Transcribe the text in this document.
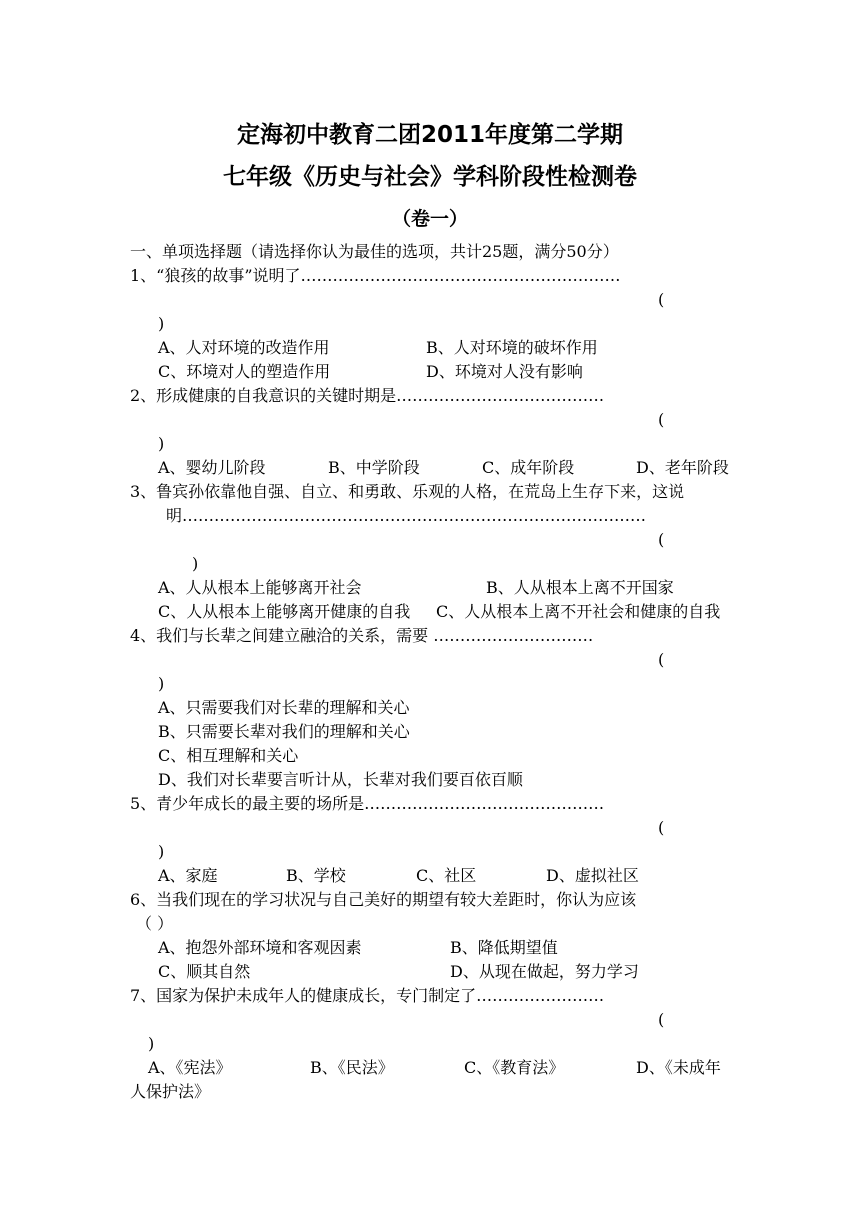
定海初中教育二团2011年度第二学期
七年级《历史与社会》学科阶段性检测卷
（卷一）
一、单项选择题（请选择你认为最佳的选项，共计25题，满分50分）
1、“狼孩的故事”说明了……………………………………………………
(
)
A、人对环境的改造作用	B、人对环境的破坏作用
C、环境对人的塑造作用	D、环境对人没有影响
2、形成健康的自我意识的关键时期是…………………………………
(
)
A、婴幼儿阶段	B、中学阶段	C、成年阶段	D、老年阶段
3、鲁宾孙依靠他自强、自立、和勇敢、乐观的人格，在荒岛上生存下来，这说
明……………………………………………………………………………
(
)
A、人从根本上能够离开社会	B、人从根本上离不开国家
C、人从根本上能够离开健康的自我 C、人从根本上离不开社会和健康的自我
4、我们与长辈之间建立融洽的关系，需要 …………………………
(
)
A、只需要我们对长辈的理解和关心
B、只需要长辈对我们的理解和关心
C、相互理解和关心
D、我们对长辈要言听计从，长辈对我们要百依百顺
5、青少年成长的最主要的场所是………………………………………
(
)
A、家庭	B、学校	C、社区	D、虚拟社区
6、当我们现在的学习状况与自己美好的期望有较大差距时，你认为应该
（ ）
A、抱怨外部环境和客观因素	B、降低期望值
C、顺其自然	D、从现在做起，努力学习
7、国家为保护未成年人的健康成长，专门制定了……………………
(
)
A、《宪法》	B、《民法》	C、《教育法》	D、《未成年
人保护法》
